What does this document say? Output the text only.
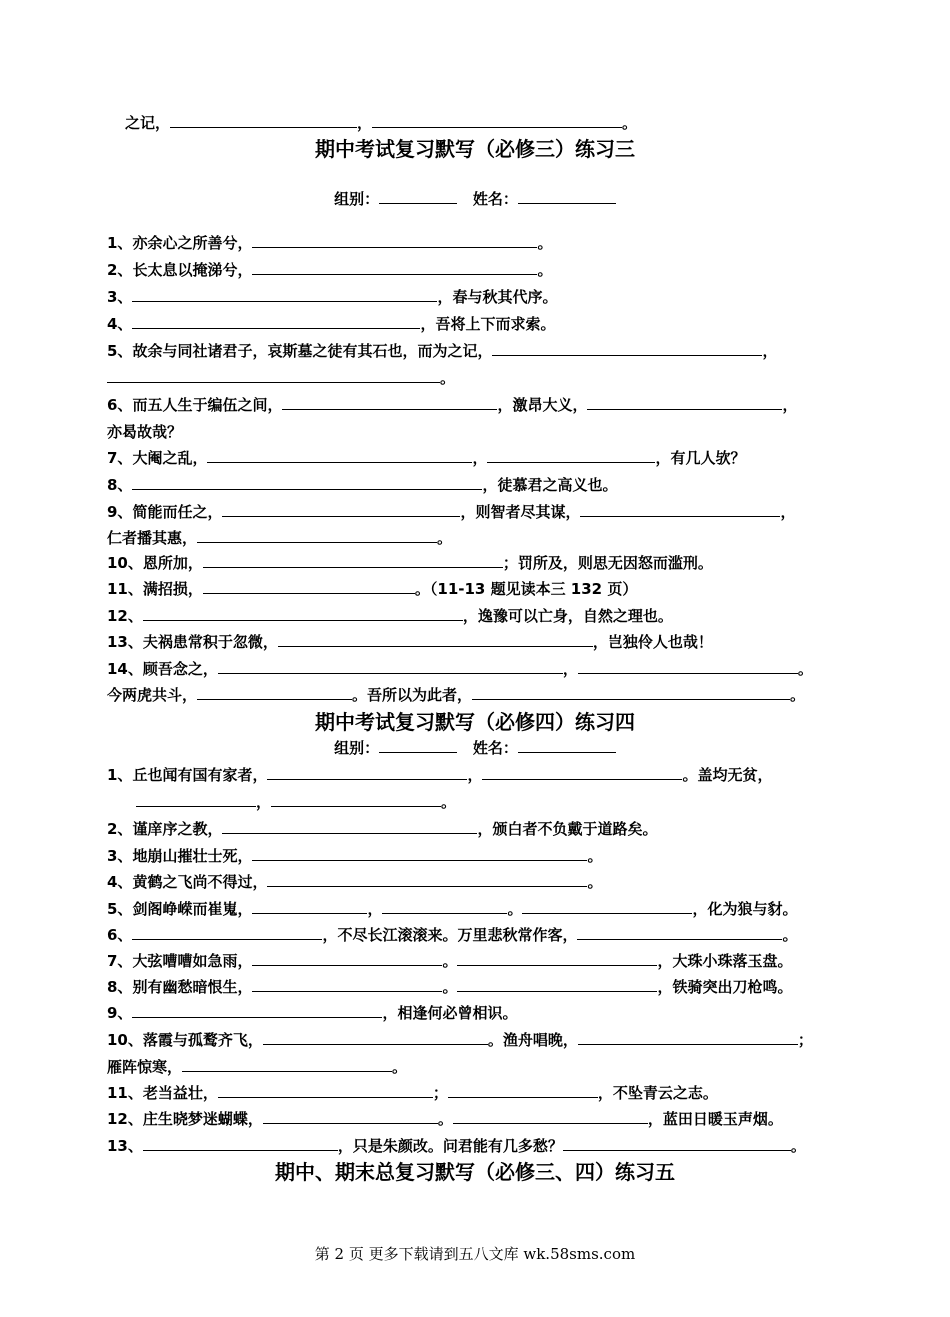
之记，	，	。
期中考试复习默写（必修三）练习三
组别：	姓名：
1、亦余心之所善兮，	。
2、长太息以掩涕兮，	。
3、	，春与秋其代序。
4、	，吾将上下而求索。
5、故余与同社诸君子，哀斯墓之徒有其石也，而为之记，	，
。
6、而五人生于编伍之间，	，激昂大义，	，
亦曷故哉？
7、大阉之乱，	，	，有几人欤？
8、	，徒慕君之高义也。
9、简能而任之，	，则智者尽其谋，	，
仁者播其惠，	。
10、恩所加，	；罚所及，则思无因怒而滥刑。
11、满招损，	。（11-13 题见读本三 132 页）
12、	，逸豫可以亡身，自然之理也。
13、夫祸患常积于忽微，	，岂独伶人也哉！
14、顾吾念之，	，	。
今两虎共斗，	。吾所以为此者，	。
期中考试复习默写（必修四）练习四
组别：	姓名：
1、丘也闻有国有家者，	，	。盖均无贫，
，	。
2、谨庠序之教，	，颁白者不负戴于道路矣。
3、地崩山摧壮士死，	。
4、黄鹤之飞尚不得过，	。
5、剑阁峥嵘而崔嵬，	，	。	，化为狼与豺。
6、	，不尽长江滚滚来。万里悲秋常作客，	。
7、大弦嘈嘈如急雨，	。	，大珠小珠落玉盘。
8、别有幽愁暗恨生，	。	，铁骑突出刀枪鸣。
9、	，相逢何必曾相识。
10、落霞与孤鹜齐飞，	。渔舟唱晚，	；
雁阵惊寒，	。
11、老当益壮，	；	，不坠青云之志。
12、庄生晓梦迷蝴蝶，	。	，蓝田日暖玉声烟。
13、	，只是朱颜改。问君能有几多愁？	。
期中、期末总复习默写（必修三、四）练习五
第 2 页 更多下载请到五八文库 wk.58sms.com
